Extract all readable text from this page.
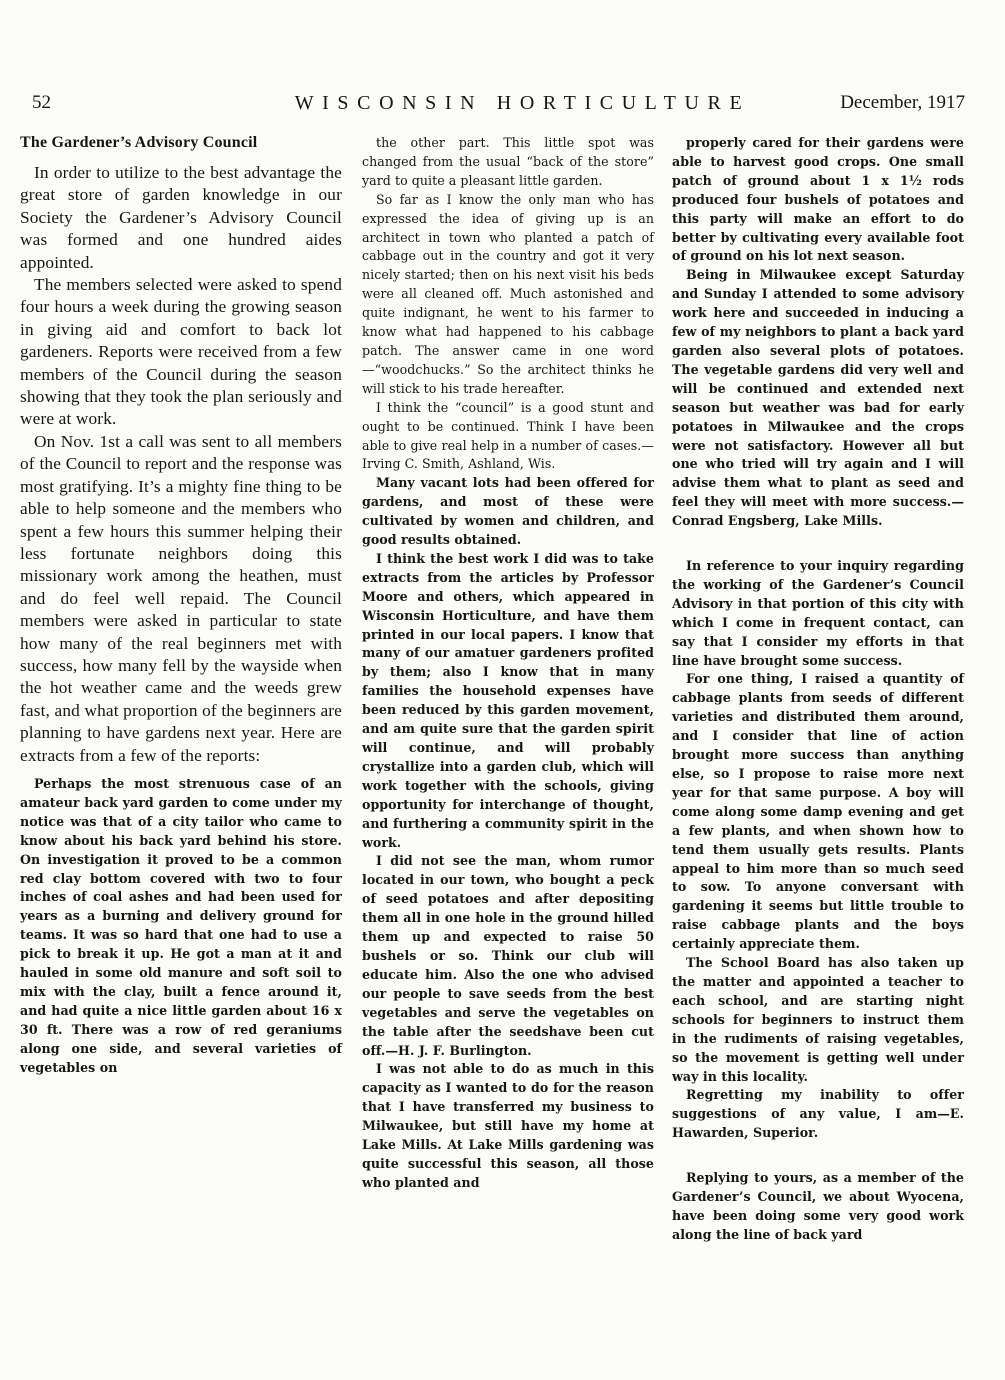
52	WISCONSIN HORTICULTURE	December, 1917
The Gardener’s Advisory Council

In order to utilize to the best advantage the great store of garden knowledge in our Society the Gardener’s Advisory Council was formed and one hundred aides appointed.

The members selected were asked to spend four hours a week during the growing season in giving aid and comfort to back lot gardeners. Reports were received from a few members of the Council during the season showing that they took the plan seriously and were at work.

On Nov. 1st a call was sent to all members of the Council to report and the response was most gratifying. It’s a mighty fine thing to be able to help someone and the members who spent a few hours this summer helping their less fortunate neighbors doing this missionary work among the heathen, must and do feel well repaid. The Council members were asked in particular to state how many of the real beginners met with success, how many fell by the wayside when the hot weather came and the weeds grew fast, and what proportion of the beginners are planning to have gardens next year. Here are extracts from a few of the reports:

Perhaps the most strenuous case of an amateur back yard garden to come under my notice was that of a city tailor who came to know about his back yard behind his store. On investigation it proved to be a common red clay bottom covered with two to four inches of coal ashes and had been used for years as a burning and delivery ground for teams. It was so hard that one had to use a pick to break it up. He got a man at it and hauled in some old manure and soft soil to mix with the clay, built a fence around it, and had quite a nice little garden about 16 x 30 ft. There was a row of red geraniums along one side, and several varieties of vegetables on

the other part. This little spot was changed from the usual “back of the store” yard to quite a pleasant little garden.

So far as I know the only man who has expressed the idea of giving up is an architect in town who planted a patch of cabbage out in the country and got it very nicely started; then on his next visit his beds were all cleaned off. Much astonished and quite indignant, he went to his farmer to know what had happened to his cabbage patch. The answer came in one word—“woodchucks.” So the architect thinks he will stick to his trade hereafter.

I think the “council” is a good stunt and ought to be continued. Think I have been able to give real help in a number of cases.—Irving C. Smith, Ashland, Wis.

Many vacant lots had been offered for gardens, and most of these were cultivated by women and children, and good results obtained.

I think the best work I did was to take extracts from the articles by Professor Moore and others, which appeared in Wisconsin Horticulture, and have them printed in our local papers. I know that many of our amatuer gardeners profited by them; also I know that in many families the household expenses have been reduced by this garden movement, and am quite sure that the garden spirit will continue, and will probably crystallize into a garden club, which will work together with the schools, giving opportunity for interchange of thought, and furthering a community spirit in the work.

I did not see the man, whom rumor located in our town, who bought a peck of seed potatoes and after depositing them all in one hole in the ground hilled them up and expected to raise 50 bushels or so. Think our club will educate him. Also the one who advised our people to save seeds from the best vegetables and serve the vegetables on the table after the seedshave been cut off.—H. J. F. Burlington.

I was not able to do as much in this capacity as I wanted to do for the reason that I have transferred my business to Milwaukee, but still have my home at Lake Mills. At Lake Mills gardening was quite successful this season, all those who planted and

properly cared for their gardens were able to harvest good crops. One small patch of ground about 1 x 1½ rods produced four bushels of potatoes and this party will make an effort to do better by cultivating every available foot of ground on his lot next season.

Being in Milwaukee except Saturday and Sunday I attended to some advisory work here and succeeded in inducing a few of my neighbors to plant a back yard garden also several plots of potatoes. The vegetable gardens did very well and will be continued and extended next season but weather was bad for early potatoes in Milwaukee and the crops were not satisfactory. However all but one who tried will try again and I will advise them what to plant as seed and feel they will meet with more success.—Conrad Engsberg, Lake Mills.

In reference to your inquiry regarding the working of the Gardener’s Council Advisory in that portion of this city with which I come in frequent contact, can say that I consider my efforts in that line have brought some success.

For one thing, I raised a quantity of cabbage plants from seeds of different varieties and distributed them around, and I consider that line of action brought more success than anything else, so I propose to raise more next year for that same purpose. A boy will come along some damp evening and get a few plants, and when shown how to tend them usually gets results. Plants appeal to him more than so much seed to sow. To anyone conversant with gardening it seems but little trouble to raise cabbage plants and the boys certainly appreciate them.

The School Board has also taken up the matter and appointed a teacher to each school, and are starting night schools for beginners to instruct them in the rudiments of raising vegetables, so the movement is getting well under way in this locality.

Regretting my inability to offer suggestions of any value, I am—E. Hawarden, Superior.

Replying to yours, as a member of the Gardener’s Council, we about Wyocena, have been doing some very good work along the line of back yard
